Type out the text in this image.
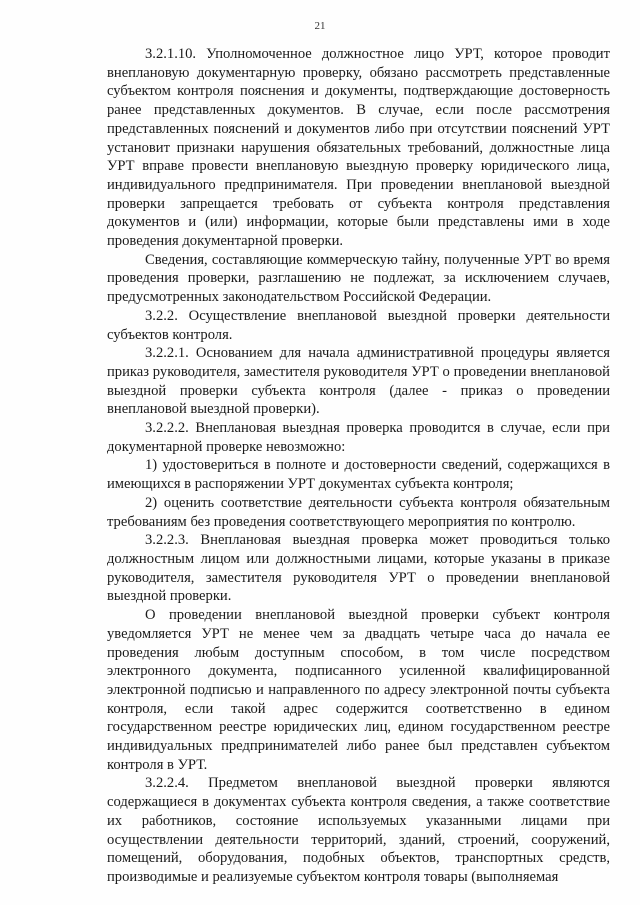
21

3.2.1.10. Уполномоченное должностное лицо УРТ, которое проводит внеплановую документарную проверку, обязано рассмотреть представленные субъектом контроля пояснения и документы, подтверждающие достоверность ранее представленных документов. В случае, если после рассмотрения представленных пояснений и документов либо при отсутствии пояснений УРТ установит признаки нарушения обязательных требований, должностные лица УРТ вправе провести внеплановую выездную проверку юридического лица, индивидуального предпринимателя. При проведении внеплановой выездной проверки запрещается требовать от субъекта контроля представления документов и (или) информации, которые были представлены ими в ходе проведения документарной проверки.

Сведения, составляющие коммерческую тайну, полученные УРТ во время проведения проверки, разглашению не подлежат, за исключением случаев, предусмотренных законодательством Российской Федерации.

3.2.2. Осуществление внеплановой выездной проверки деятельности субъектов контроля.

3.2.2.1. Основанием для начала административной процедуры является приказ руководителя, заместителя руководителя УРТ о проведении внеплановой выездной проверки субъекта контроля (далее - приказ о проведении внеплановой выездной проверки).

3.2.2.2. Внеплановая выездная проверка проводится в случае, если при документарной проверке невозможно:

1) удостовериться в полноте и достоверности сведений, содержащихся в имеющихся в распоряжении УРТ документах субъекта контроля;

2) оценить соответствие деятельности субъекта контроля обязательным требованиям без проведения соответствующего мероприятия по контролю.

3.2.2.3. Внеплановая выездная проверка может проводиться только должностным лицом или должностными лицами, которые указаны в приказе руководителя, заместителя руководителя УРТ о проведении внеплановой выездной проверки.

О проведении внеплановой выездной проверки субъект контроля уведомляется УРТ не менее чем за двадцать четыре часа до начала ее проведения любым доступным способом, в том числе посредством электронного документа, подписанного усиленной квалифицированной электронной подписью и направленного по адресу электронной почты субъекта контроля, если такой адрес содержится соответственно в едином государственном реестре юридических лиц, едином государственном реестре индивидуальных предпринимателей либо ранее был представлен субъектом контроля в УРТ.

3.2.2.4. Предметом внеплановой выездной проверки являются содержащиеся в документах субъекта контроля сведения, а также соответствие их работников, состояние используемых указанными лицами при осуществлении деятельности территорий, зданий, строений, сооружений, помещений, оборудования, подобных объектов, транспортных средств, производимые и реализуемые субъектом контроля товары (выполняемая
